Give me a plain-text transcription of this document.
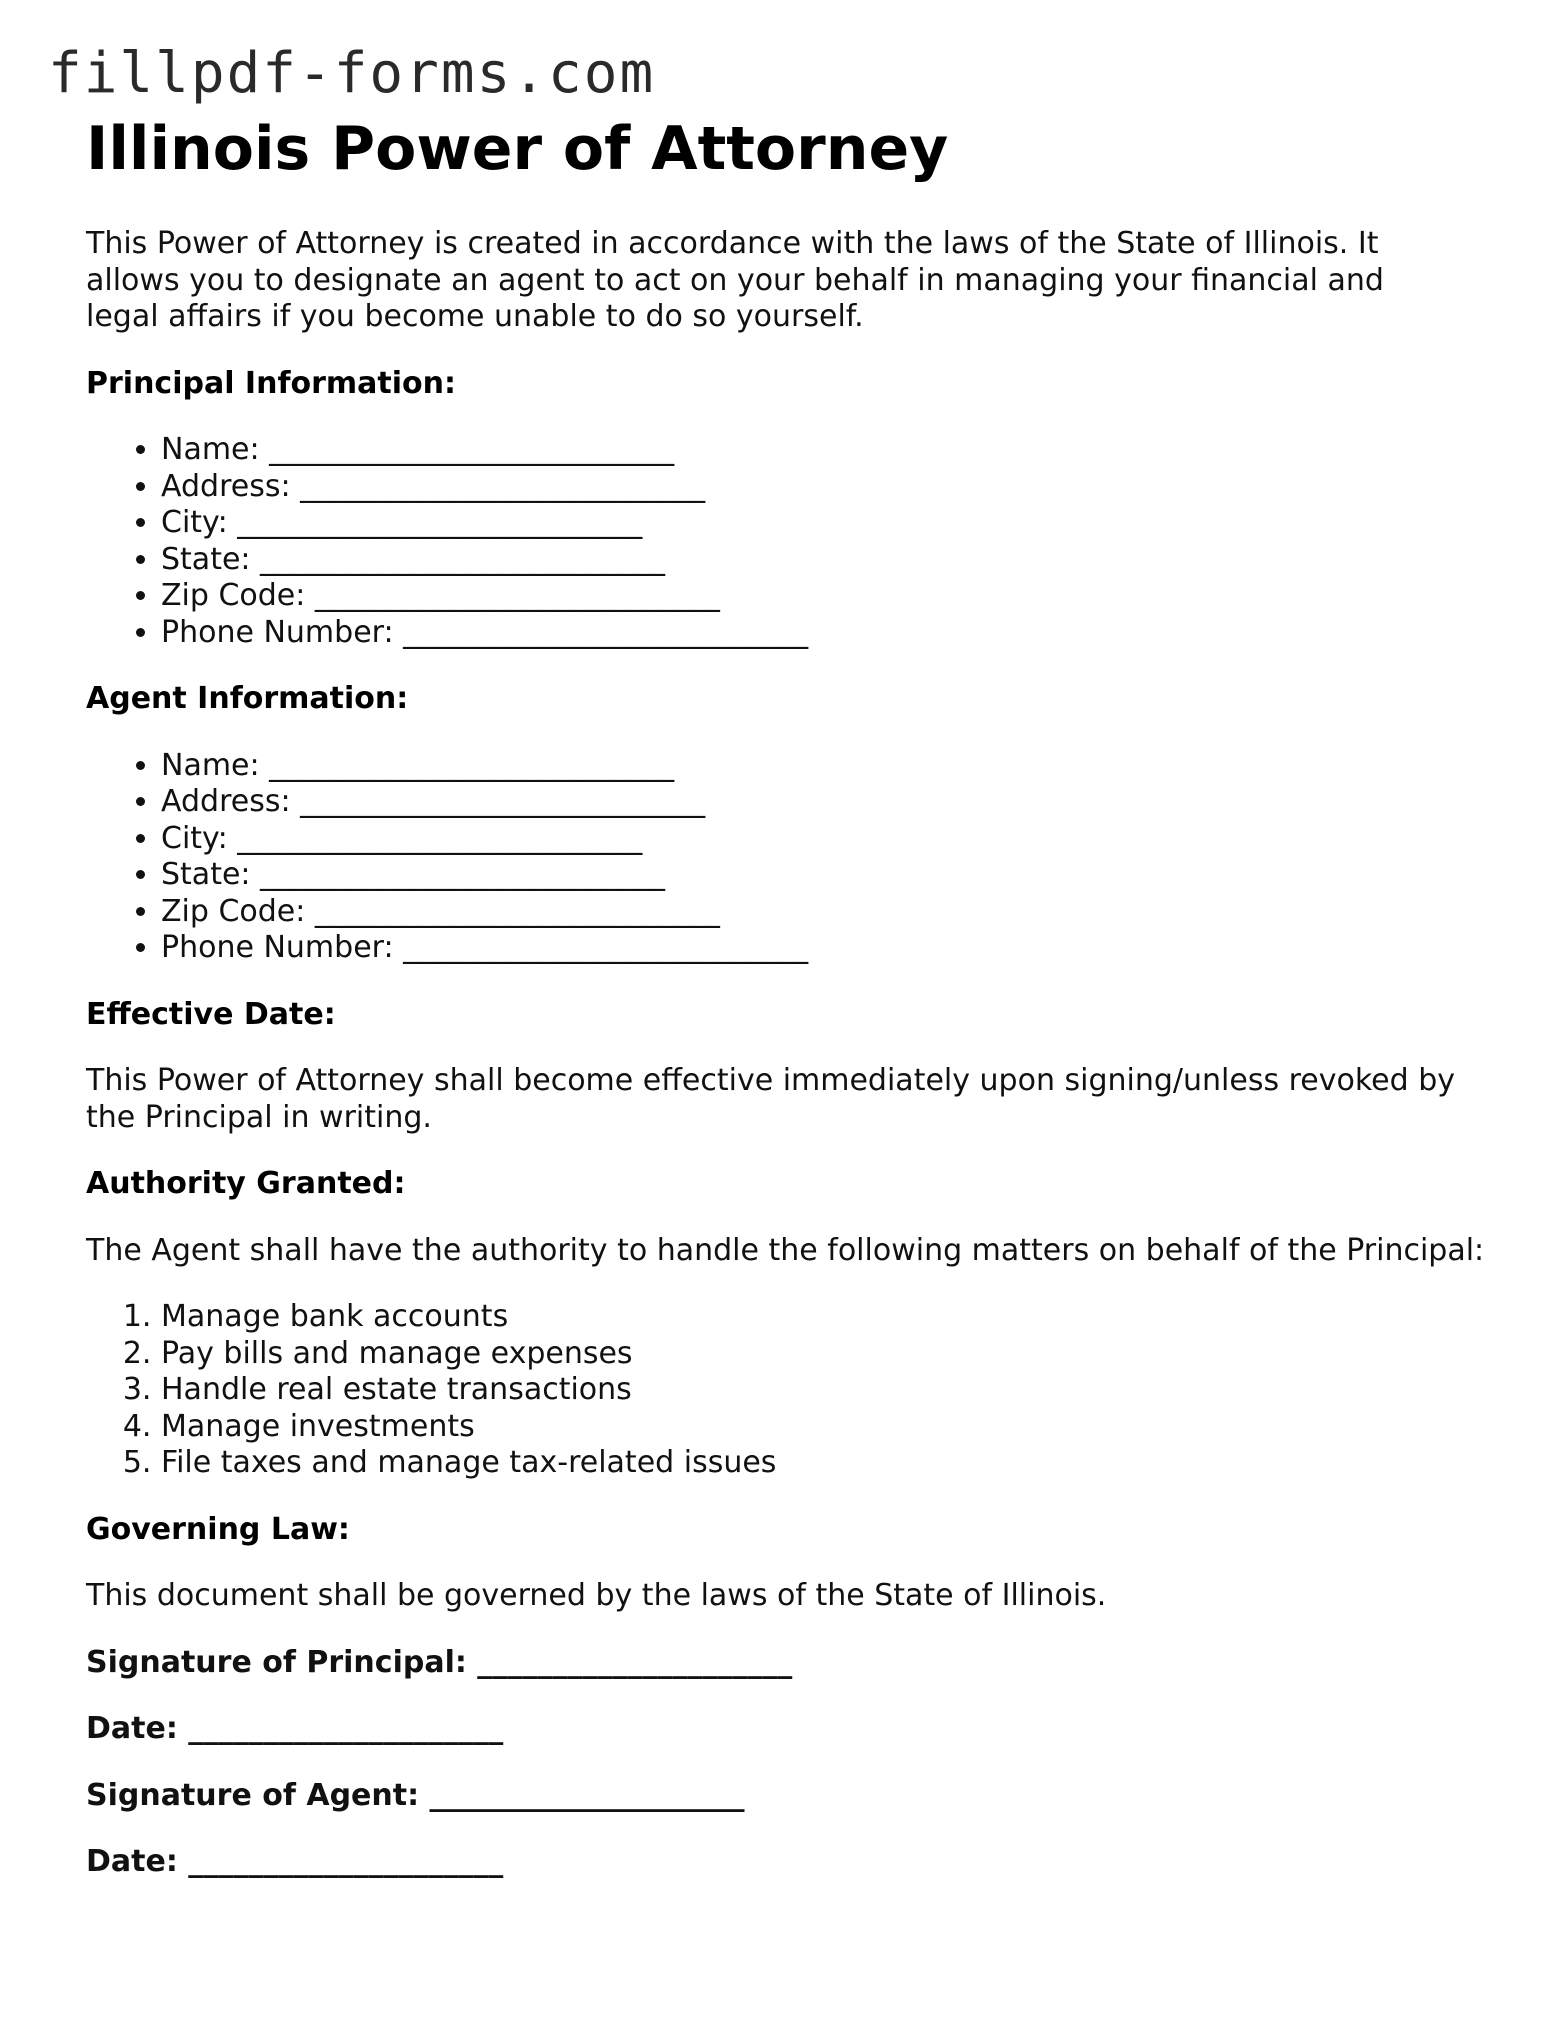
fillpdf-forms.com
Illinois Power of Attorney

This Power of Attorney is created in accordance with the laws of the State of Illinois. It allows you to designate an agent to act on your behalf in managing your financial and legal affairs if you become unable to do so yourself.

Principal Information:

• Name: ___________________________
• Address: ___________________________
• City: ___________________________
• State: ___________________________
• Zip Code: ___________________________
• Phone Number: ___________________________

Agent Information:

• Name: ___________________________
• Address: ___________________________
• City: ___________________________
• State: ___________________________
• Zip Code: ___________________________
• Phone Number: ___________________________

Effective Date:

This Power of Attorney shall become effective immediately upon signing/unless revoked by the Principal in writing.

Authority Granted:

The Agent shall have the authority to handle the following matters on behalf of the Principal:

1. Manage bank accounts
2. Pay bills and manage expenses
3. Handle real estate transactions
4. Manage investments
5. File taxes and manage tax-related issues

Governing Law:

This document shall be governed by the laws of the State of Illinois.

Signature of Principal: _____________________

Date: _____________________

Signature of Agent: _____________________

Date: _____________________
